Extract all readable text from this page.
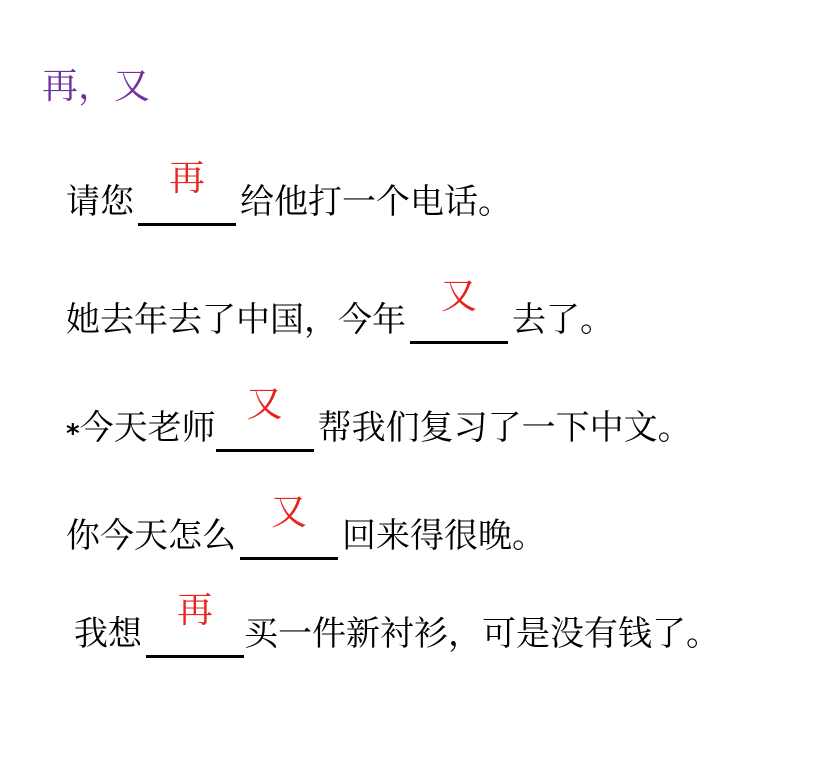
再，又
请您
再
给他打一个电话。
她去年去了中国，今年
又
去了。
* 今天老师
又
帮我们复习了一下中文。
你今天怎么
又
回来得很晚。
我想
再
买一件新衬衫，可是没有钱了。
